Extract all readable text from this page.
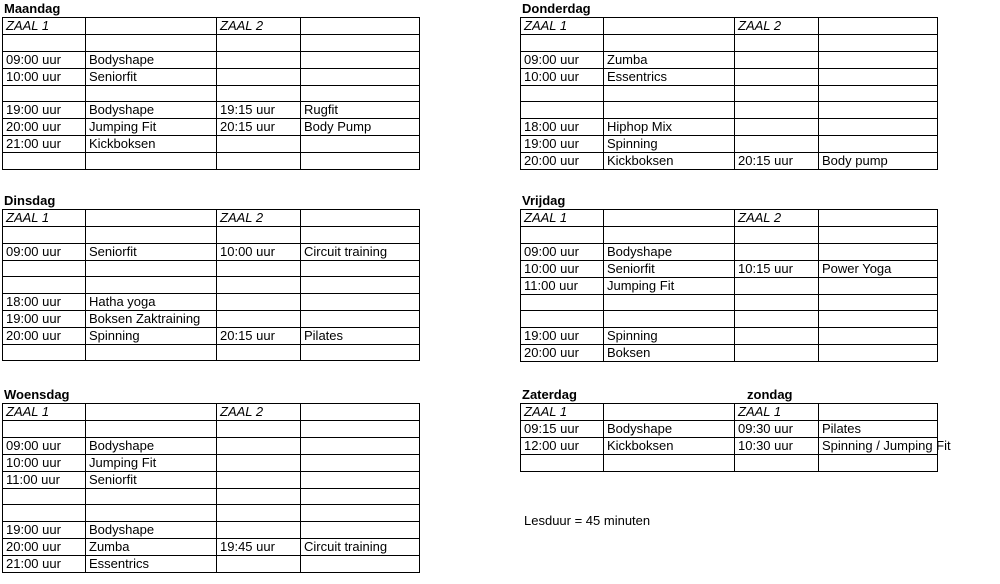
Maandag
ZAAL 1		ZAAL 2	

09:00 uur	Bodyshape		
10:00 uur	Seniorfit		

19:00 uur	Bodyshape	19:15 uur	Rugfit
20:00 uur	Jumping Fit	20:15 uur	Body Pump
21:00 uur	Kickboksen		

Donderdag
ZAAL 1		ZAAL 2	

09:00 uur	Zumba		
10:00 uur	Essentrics		

18:00 uur	Hiphop Mix		
19:00 uur	Spinning		
20:00 uur	Kickboksen	20:15 uur	Body pump
Dinsdag
ZAAL 1		ZAAL 2	

09:00 uur	Seniorfit	10:00 uur	Circuit training

18:00 uur	Hatha yoga		
19:00 uur	Boksen Zaktraining		
20:00 uur	Spinning	20:15 uur	Pilates

Vrijdag
ZAAL 1		ZAAL 2	

09:00 uur	Bodyshape		
10:00 uur	Seniorfit	10:15 uur	Power Yoga
11:00 uur	Jumping Fit		

19:00 uur	Spinning		
20:00 uur	Boksen		
Woensdag
ZAAL 1		ZAAL 2	

09:00 uur	Bodyshape		
10:00 uur	Jumping Fit		
11:00 uur	Seniorfit		

19:00 uur	Bodyshape		
20:00 uur	Zumba	19:45 uur	Circuit training
21:00 uur	Essentrics		
Zaterdag	zondag
ZAAL 1		ZAAL 1	
09:15 uur	Bodyshape	09:30 uur	Pilates
12:00 uur	Kickboksen	10:30 uur	Spinning / Jumping Fit

Lesduur = 45 minuten
